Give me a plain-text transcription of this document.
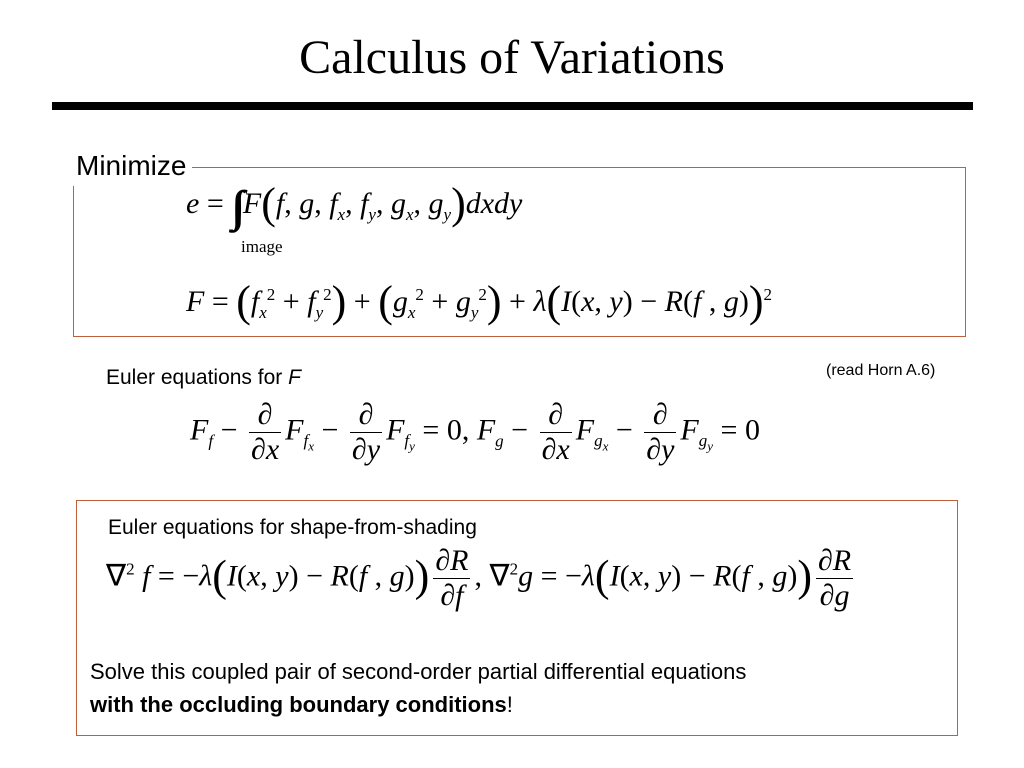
Calculus of Variations
Minimize
e = ∫∫ F(f, g, $f_x$, $f_y$, $g_x$, $g_y)dxdy$
image
$F = (f_x^2 + f_y^2) + (g_x^2 + g_y^2) + \lambda(I(x$, y) − R(f , g))$^2$
Euler equations for F	(read Horn A.6)
$F_f - \frac{\partial}{\partial x} F_{f_x} - \frac{\partial}{\partial y} F_{f_y} = 0$, $F_g - \frac{\partial}{\partial x} F_{g_x} - \frac{\partial}{\partial y} F_{g_y} = 0$
Euler equations for shape-from-shading
∇$^2$ f = −λ(I(x, y) − R(f , $g)) \frac{\partial R}{\partial f}$ , ∇$^2$g = −λ(I(x, y) − R(f , $g)) \frac{\partial R}{\partial g}$
Solve this coupled pair of second-order partial differential equations
with the occluding boundary conditions!
